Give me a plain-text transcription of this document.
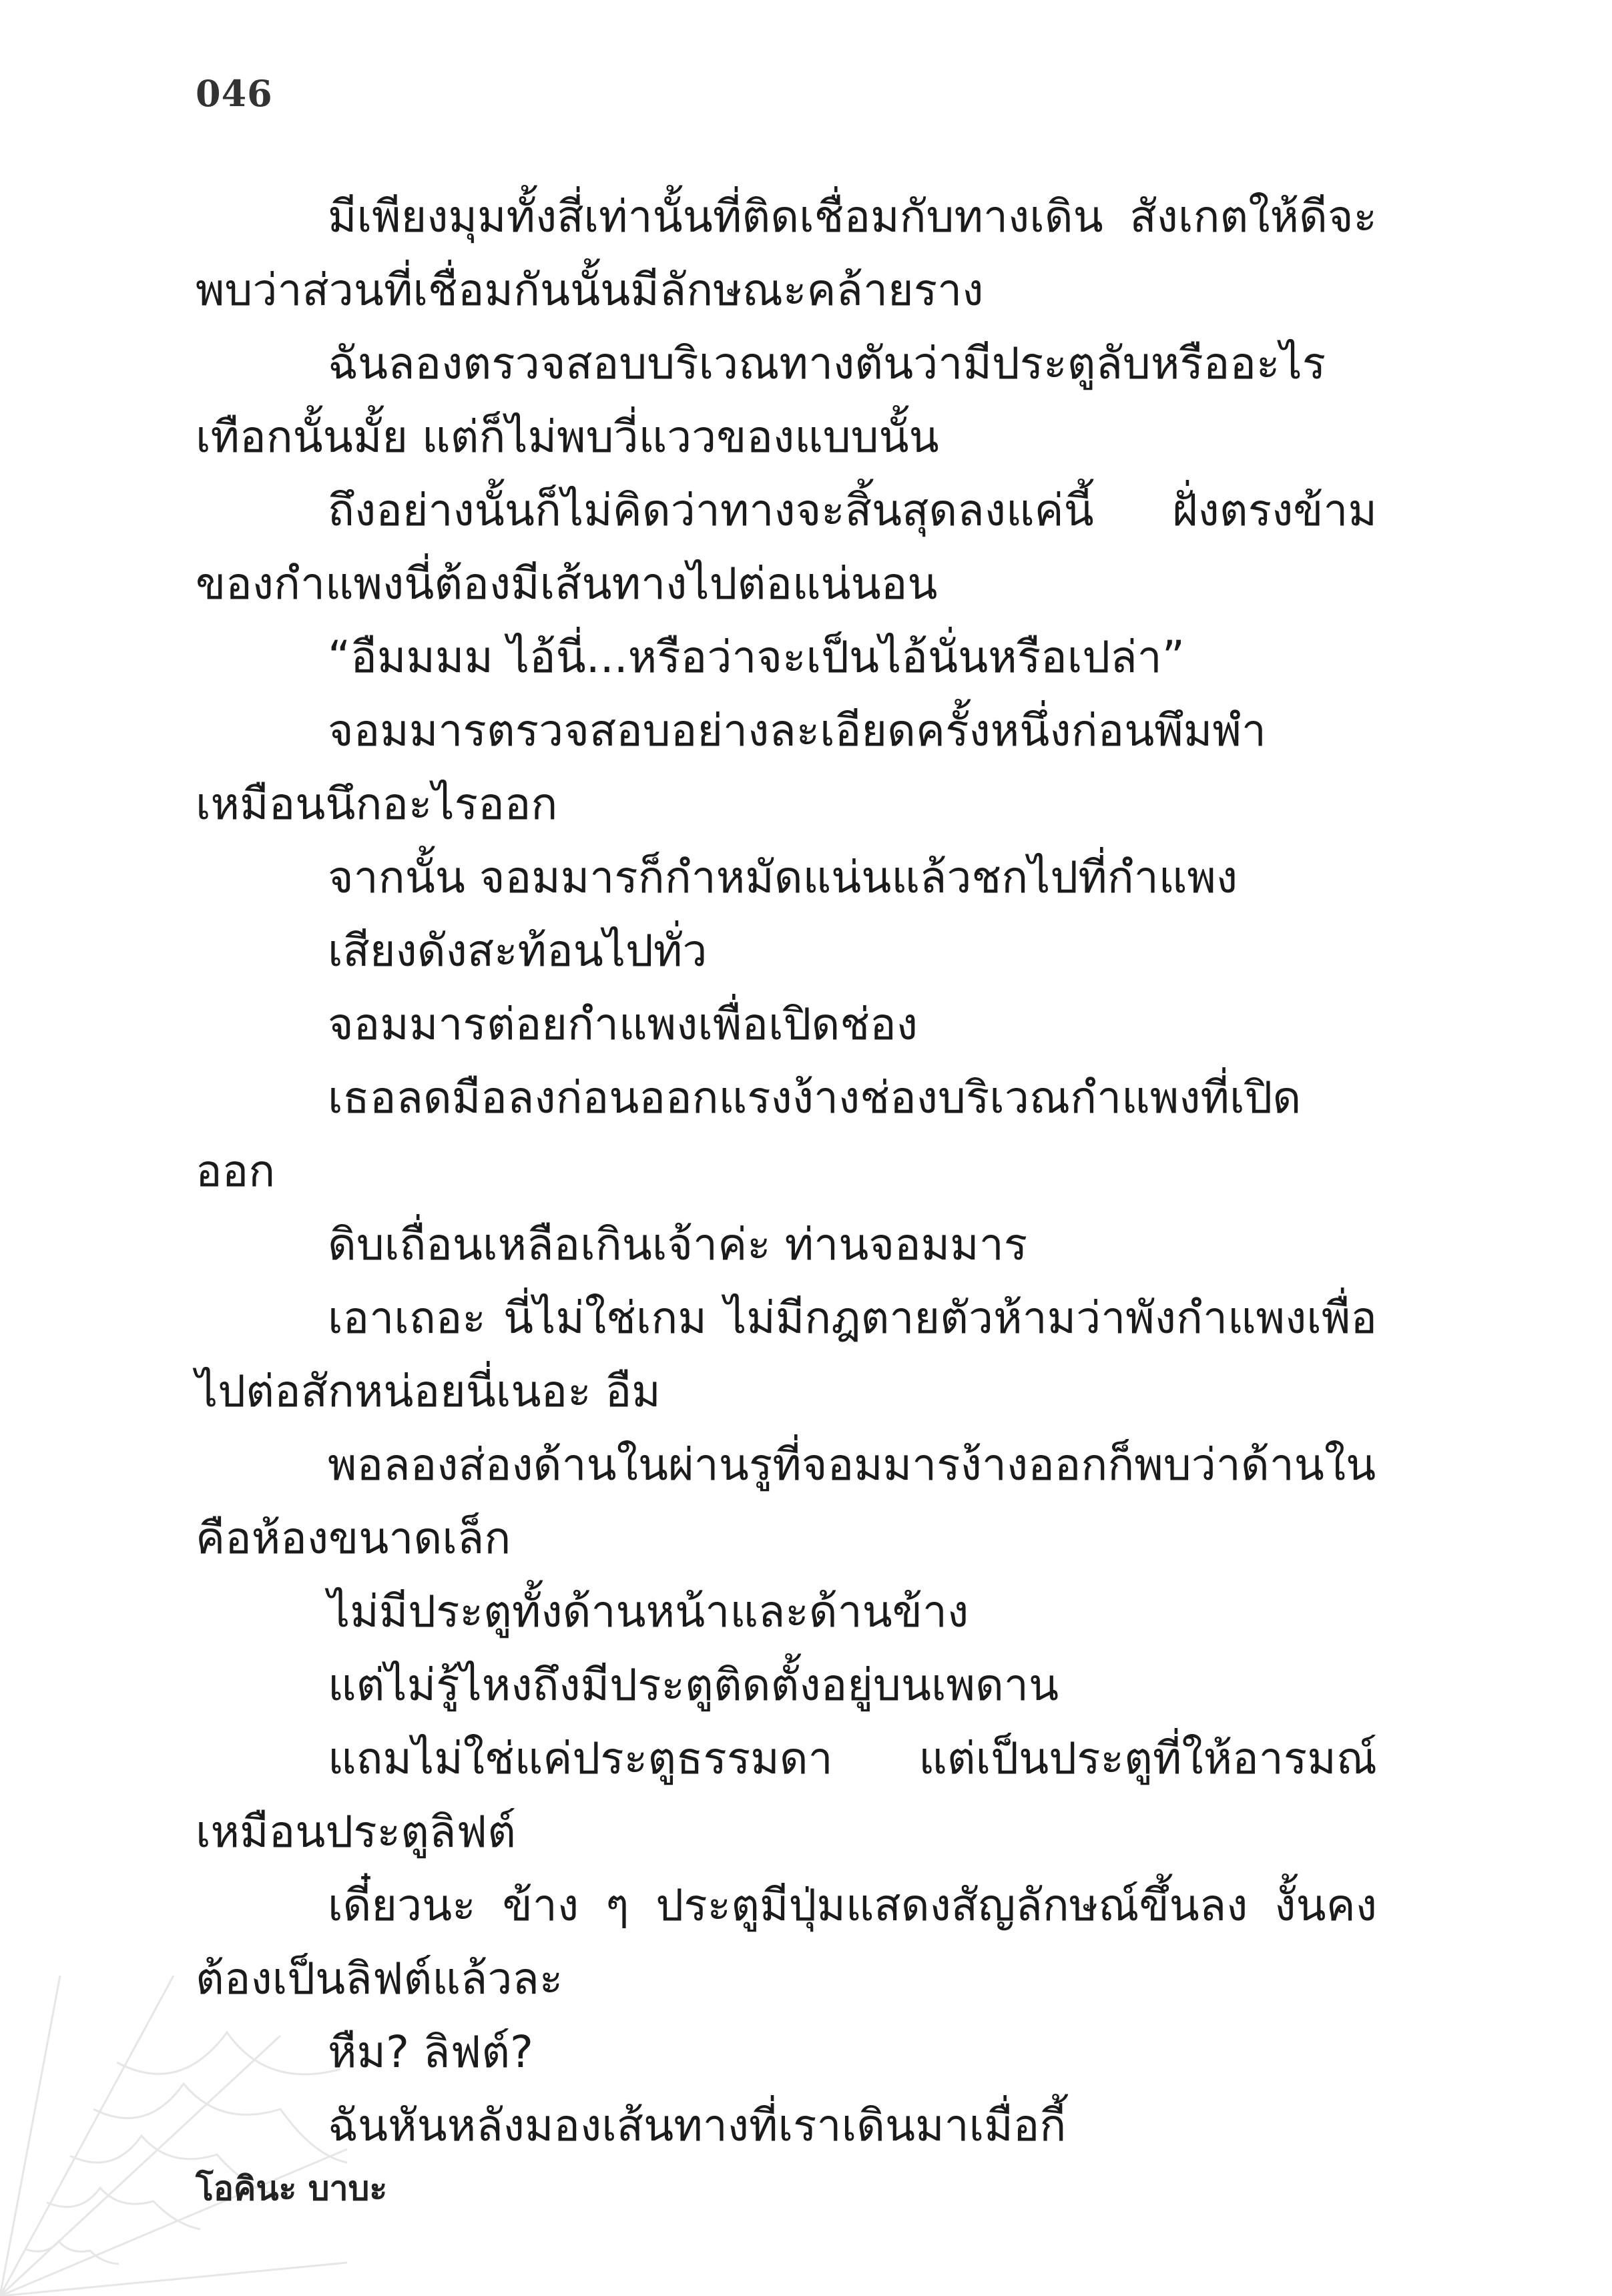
046

มีเพียงมุมทั้งสี่เท่านั้นที่ติดเชื่อมกับทางเดิน สังเกตให้ดีจะพบว่าส่วนที่เชื่อมกันนั้นมีลักษณะคล้ายราง

ฉันลองตรวจสอบบริเวณทางตันว่ามีประตูลับหรืออะไรเทือกนั้นมั้ย แต่ก็ไม่พบวี่แววของแบบนั้น

ถึงอย่างนั้นก็ไม่คิดว่าทางจะสิ้นสุดลงแค่นี้ ฝั่งตรงข้ามของกำแพงนี่ต้องมีเส้นทางไปต่อแน่นอน

“อืมมมม ไอ้นี่...หรือว่าจะเป็นไอ้นั่นหรือเปล่า”

จอมมารตรวจสอบอย่างละเอียดครั้งหนึ่งก่อนพึมพำเหมือนนึกอะไรออก

จากนั้น จอมมารก็กำหมัดแน่นแล้วชกไปที่กำแพง

เสียงดังสะท้อนไปทั่ว

จอมมารต่อยกำแพงเพื่อเปิดช่อง

เธอลดมือลงก่อนออกแรงง้างช่องบริเวณกำแพงที่เปิดออก

ดิบเถื่อนเหลือเกินเจ้าค่ะ ท่านจอมมาร

เอาเถอะ นี่ไม่ใช่เกม ไม่มีกฎตายตัวห้ามว่าพังกำแพงเพื่อไปต่อสักหน่อยนี่เนอะ อืม

พอลองส่องด้านในผ่านรูที่จอมมารง้างออกก็พบว่าด้านในคือห้องขนาดเล็ก

ไม่มีประตูทั้งด้านหน้าและด้านข้าง

แต่ไม่รู้ไหงถึงมีประตูติดตั้งอยู่บนเพดาน

แถมไม่ใช่แค่ประตูธรรมดา แต่เป็นประตูที่ให้อารมณ์เหมือนประตูลิฟต์

เดี๋ยวนะ ข้าง ๆ ประตูมีปุ่มแสดงสัญลักษณ์ขึ้นลง งั้นคงต้องเป็นลิฟต์แล้วละ

หืม? ลิฟต์?

ฉันหันหลังมองเส้นทางที่เราเดินมาเมื่อกี้

โอคินะ บาบะ
